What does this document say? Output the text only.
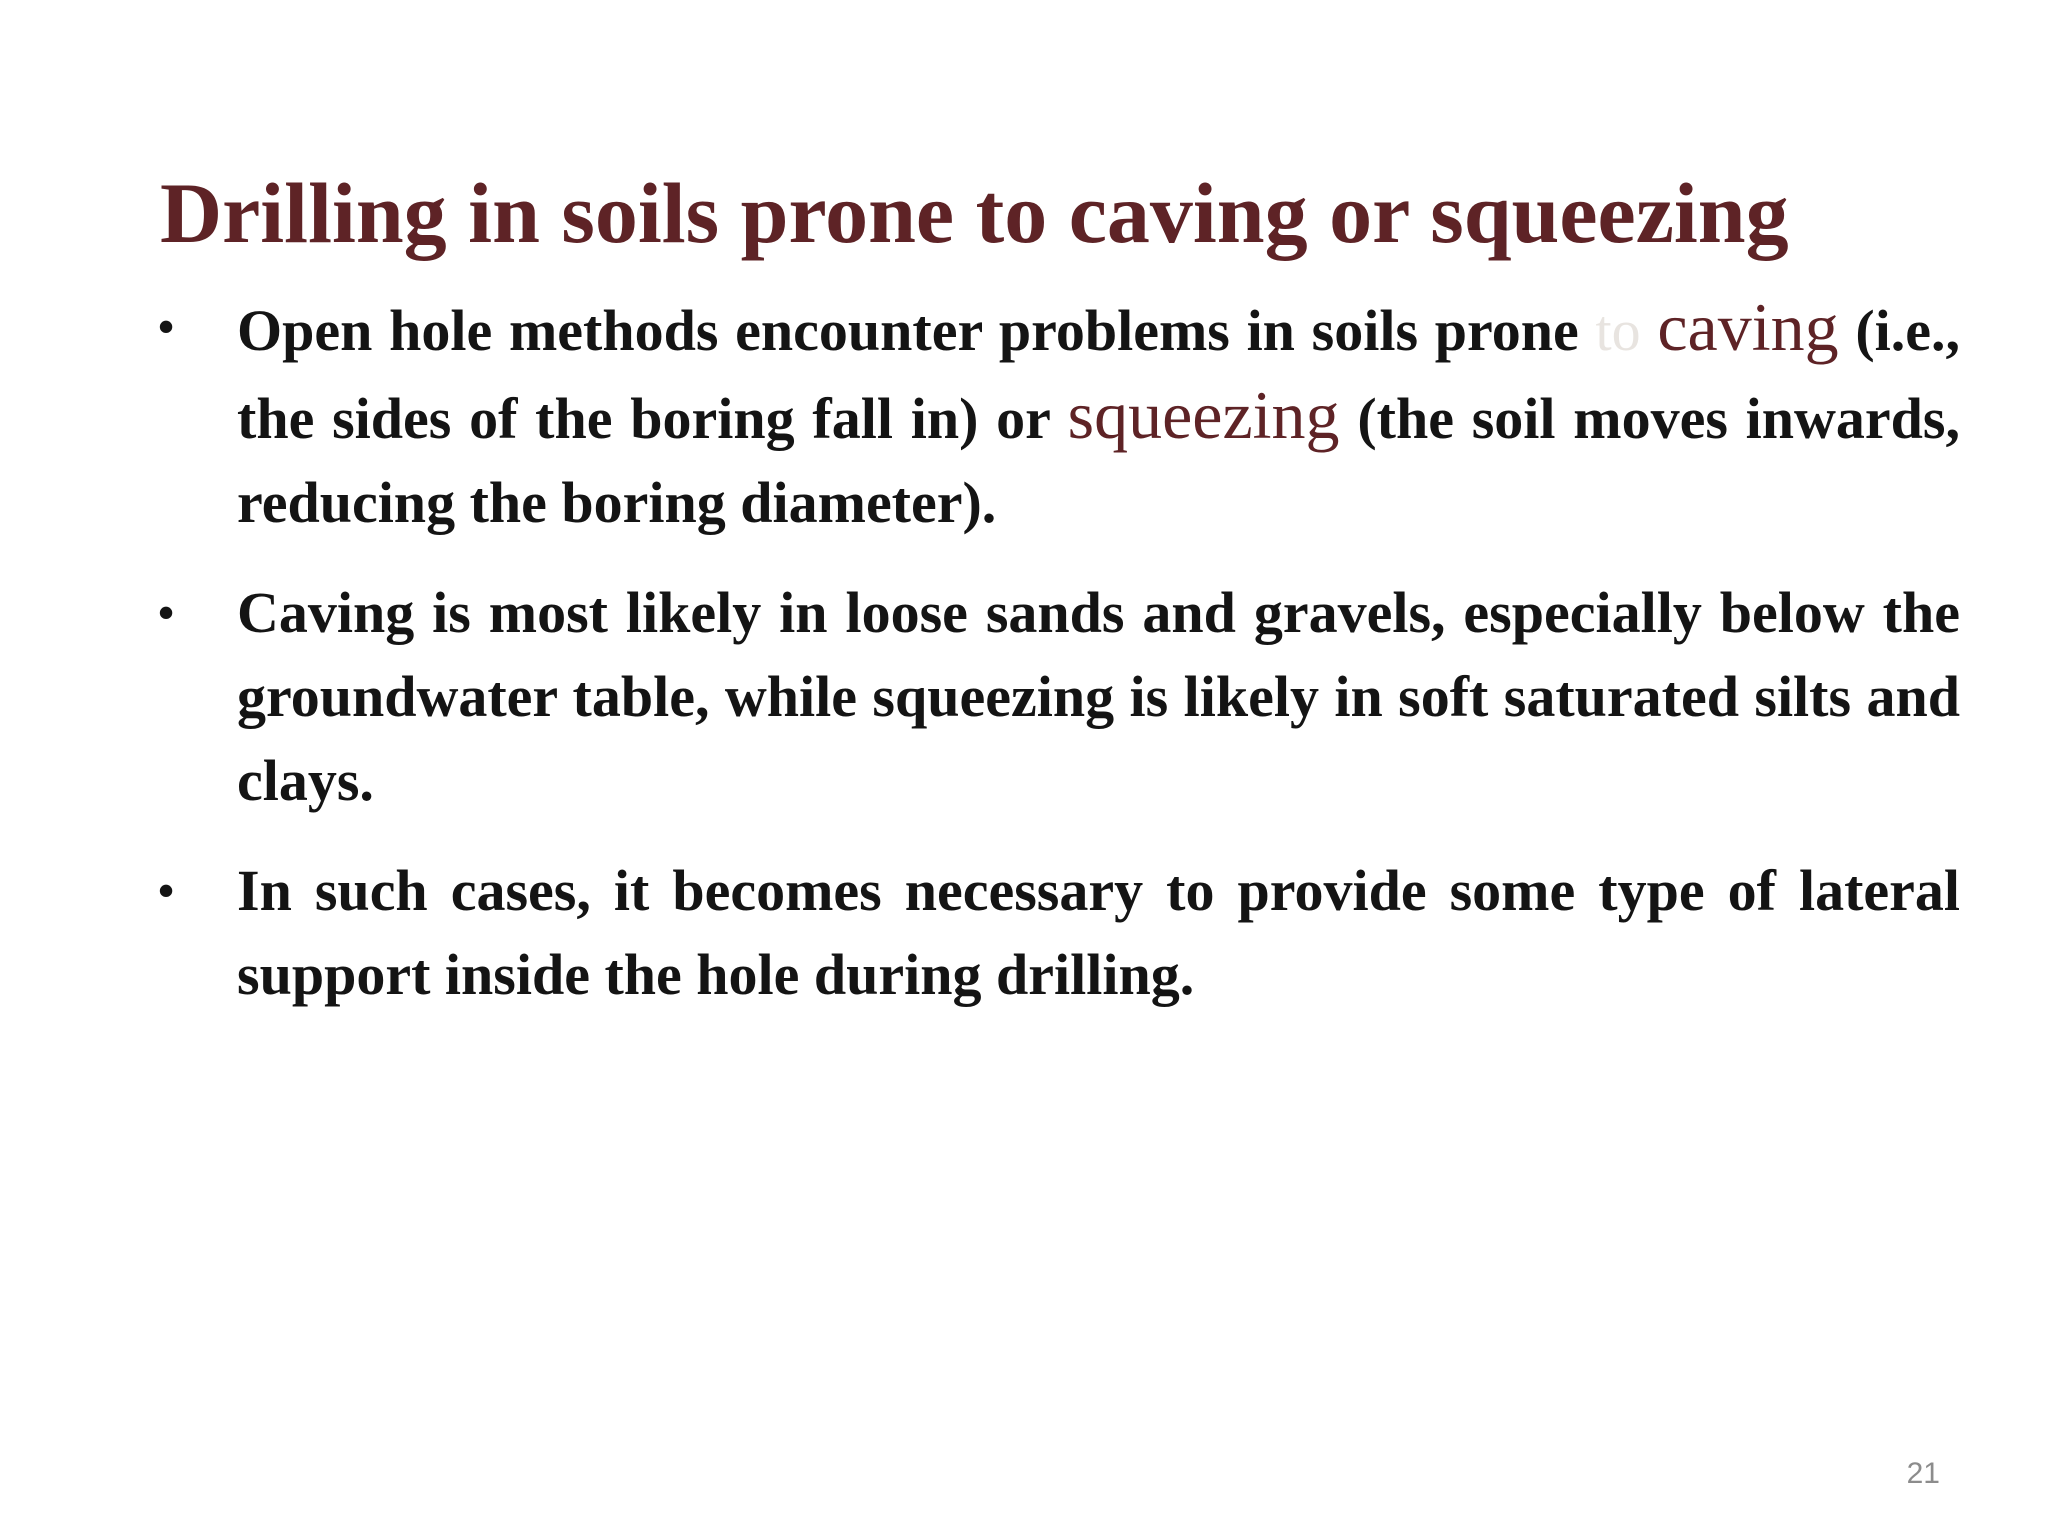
Drilling in soils prone to caving or squeezing
• Open hole methods encounter problems in soils prone to caving (i.e., the sides of the boring fall in) or squeezing (the soil moves inwards, reducing the boring diameter).
• Caving is most likely in loose sands and gravels, especially below the groundwater table, while squeezing is likely in soft saturated silts and clays.
• In such cases, it becomes necessary to provide some type of lateral support inside the hole during drilling.
21
